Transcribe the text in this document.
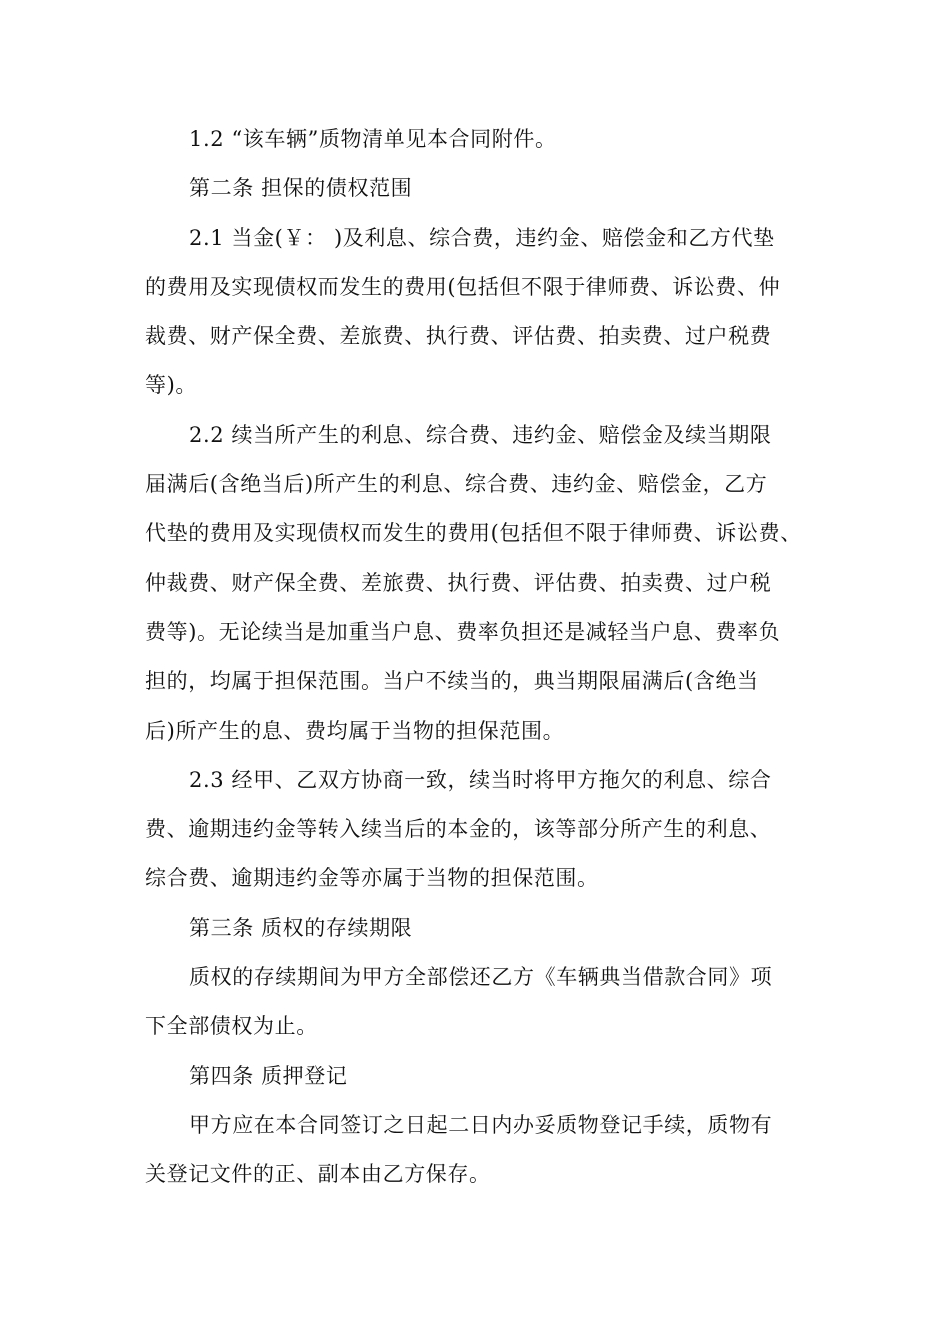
1.2 “该车辆”质物清单见本合同附件。
第二条 担保的债权范围
2.1 当金(￥： )及利息、综合费，违约金、赔偿金和乙方代垫
的费用及实现债权而发生的费用(包括但不限于律师费、诉讼费、仲
裁费、财产保全费、差旅费、执行费、评估费、拍卖费、过户税费
等)。
2.2 续当所产生的利息、综合费、违约金、赔偿金及续当期限
届满后(含绝当后)所产生的利息、综合费、违约金、赔偿金，乙方
代垫的费用及实现债权而发生的费用(包括但不限于律师费、诉讼费、
仲裁费、财产保全费、差旅费、执行费、评估费、拍卖费、过户税
费等)。无论续当是加重当户息、费率负担还是减轻当户息、费率负
担的，均属于担保范围。当户不续当的，典当期限届满后(含绝当
后)所产生的息、费均属于当物的担保范围。
2.3 经甲、乙双方协商一致，续当时将甲方拖欠的利息、综合
费、逾期违约金等转入续当后的本金的，该等部分所产生的利息、
综合费、逾期违约金等亦属于当物的担保范围。
第三条 质权的存续期限
质权的存续期间为甲方全部偿还乙方《车辆典当借款合同》项
下全部债权为止。
第四条 质押登记
甲方应在本合同签订之日起二日内办妥质物登记手续，质物有
关登记文件的正、副本由乙方保存。
